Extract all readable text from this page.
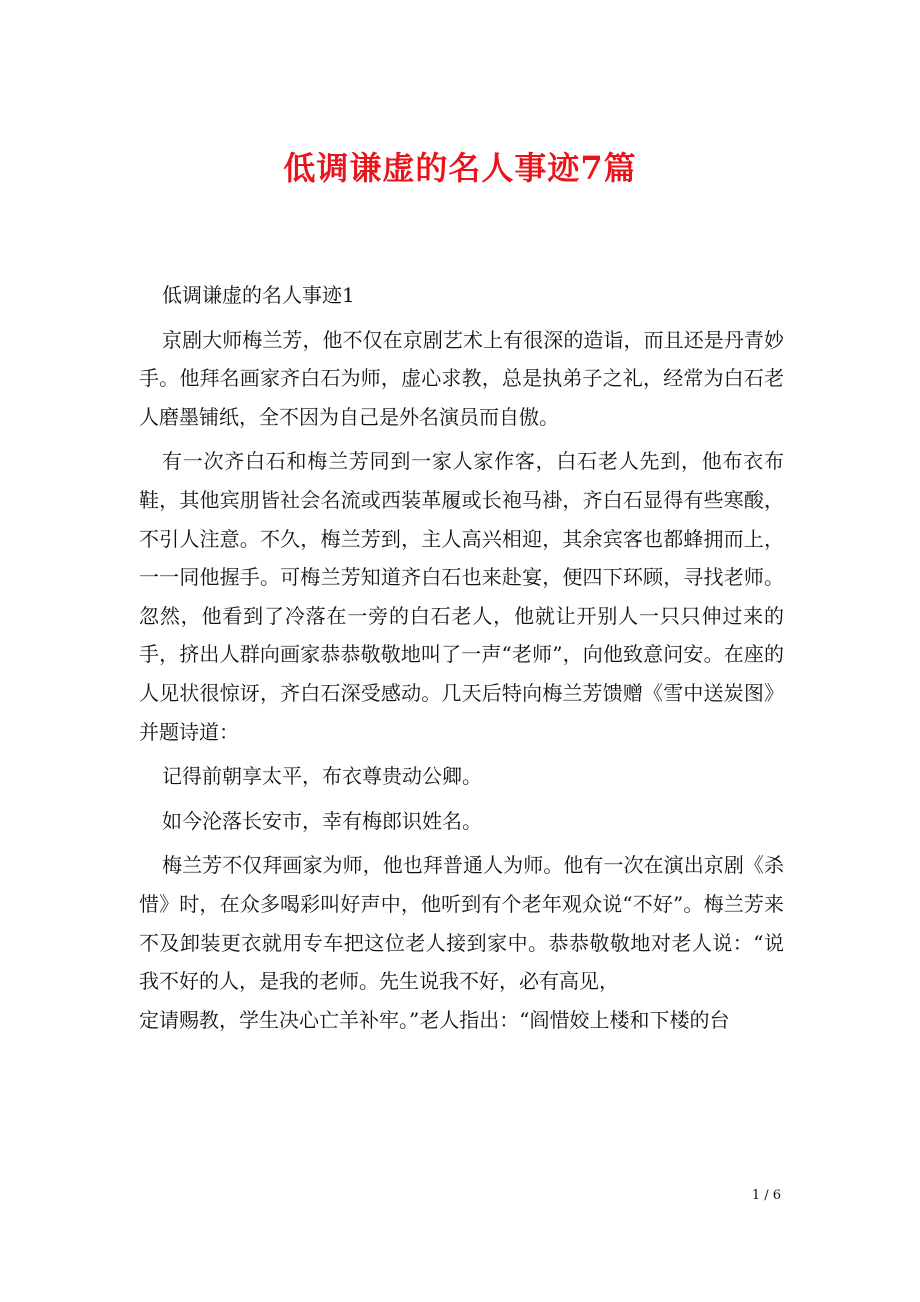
低调谦虚的名人事迹7篇

低调谦虚的名人事迹1

京剧大师梅兰芳，他不仅在京剧艺术上有很深的造诣，而且还是丹青妙手。他拜名画家齐白石为师，虚心求教，总是执弟子之礼，经常为白石老人磨墨铺纸，全不因为自己是外名演员而自傲。

有一次齐白石和梅兰芳同到一家人家作客，白石老人先到，他布衣布鞋，其他宾朋皆社会名流或西装革履或长袍马褂，齐白石显得有些寒酸，不引人注意。不久，梅兰芳到，主人高兴相迎，其余宾客也都蜂拥而上，一一同他握手。可梅兰芳知道齐白石也来赴宴，便四下环顾，寻找老师。忽然，他看到了冷落在一旁的白石老人，他就让开别人一只只伸过来的手，挤出人群向画家恭恭敬敬地叫了一声“老师”，向他致意问安。在座的人见状很惊讶，齐白石深受感动。几天后特向梅兰芳馈赠《雪中送炭图》并题诗道：

记得前朝享太平，布衣尊贵动公卿。

如今沦落长安市，幸有梅郎识姓名。

梅兰芳不仅拜画家为师，他也拜普通人为师。他有一次在演出京剧《杀惜》时，在众多喝彩叫好声中，他听到有个老年观众说“不好”。梅兰芳来不及卸装更衣就用专车把这位老人接到家中。恭恭敬敬地对老人说：“说我不好的人，是我的老师。先生说我不好，必有高见，
定请赐教，学生决心亡羊补牢。”老人指出：“阎惜姣上楼和下楼的台

1 / 6
